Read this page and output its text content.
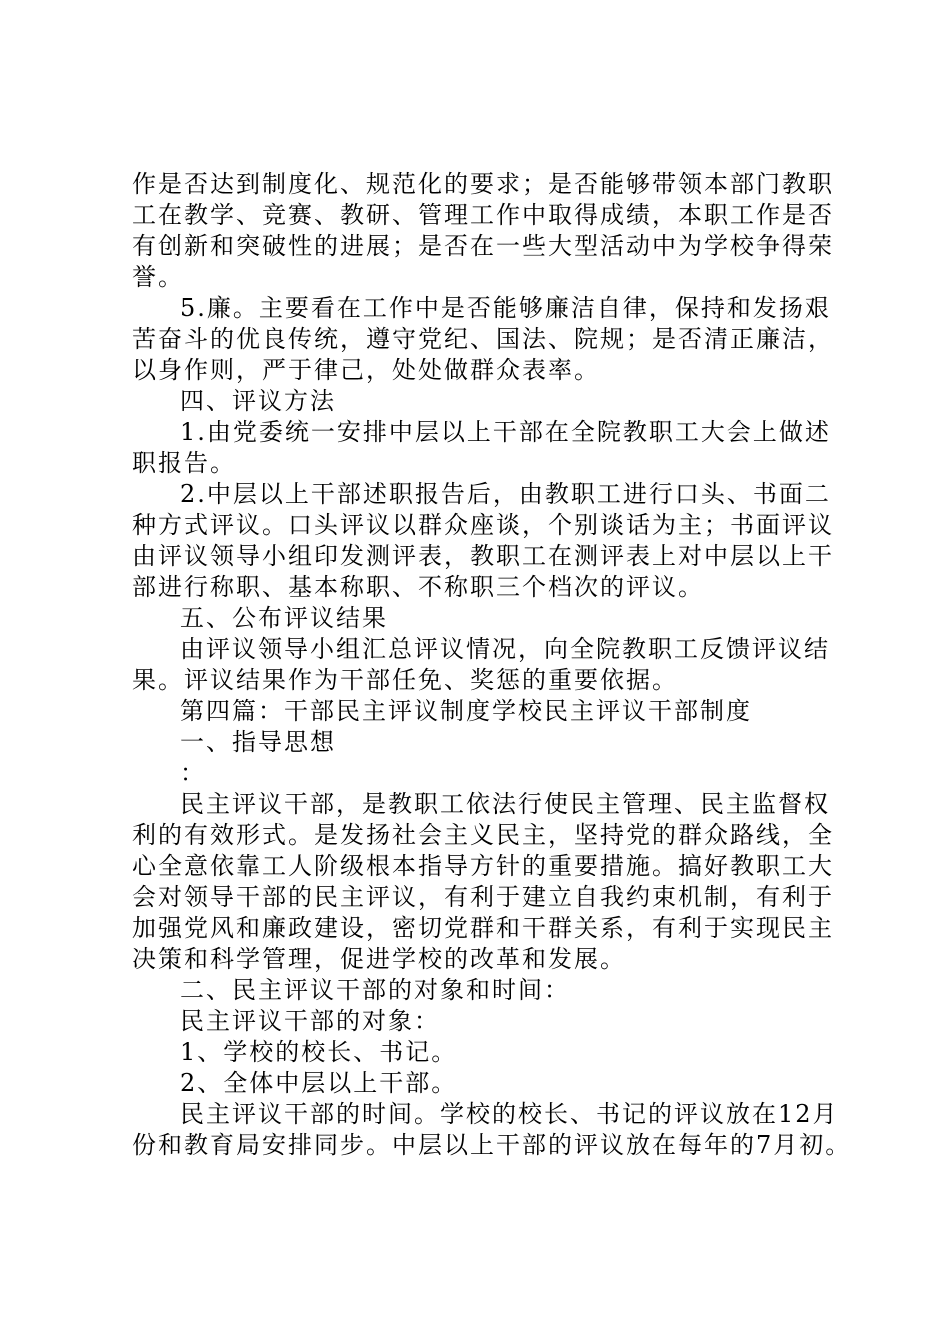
作是否达到制度化、规范化的要求；是否能够带领本部门教职
工在教学、竞赛、教研、管理工作中取得成绩，本职工作是否
有创新和突破性的进展；是否在一些大型活动中为学校争得荣
誉。
5.廉。主要看在工作中是否能够廉洁自律，保持和发扬艰
苦奋斗的优良传统，遵守党纪、国法、院规；是否清正廉洁，
以身作则，严于律己，处处做群众表率。
四、评议方法
1.由党委统一安排中层以上干部在全院教职工大会上做述
职报告。
2.中层以上干部述职报告后，由教职工进行口头、书面二
种方式评议。口头评议以群众座谈，个别谈话为主；书面评议
由评议领导小组印发测评表，教职工在测评表上对中层以上干
部进行称职、基本称职、不称职三个档次的评议。
五、公布评议结果
由评议领导小组汇总评议情况，向全院教职工反馈评议结
果。评议结果作为干部任免、奖惩的重要依据。
第四篇：干部民主评议制度学校民主评议干部制度
一、指导思想
：
民主评议干部，是教职工依法行使民主管理、民主监督权
利的有效形式。是发扬社会主义民主，坚持党的群众路线，全
心全意依靠工人阶级根本指导方针的重要措施。搞好教职工大
会对领导干部的民主评议，有利于建立自我约束机制，有利于
加强党风和廉政建设，密切党群和干群关系，有利于实现民主
决策和科学管理，促进学校的改革和发展。
二、民主评议干部的对象和时间：
民主评议干部的对象：
1、学校的校长、书记。
2、全体中层以上干部。
民主评议干部的时间。学校的校长、书记的评议放在12月
份和教育局安排同步。中层以上干部的评议放在每年的7月初。
